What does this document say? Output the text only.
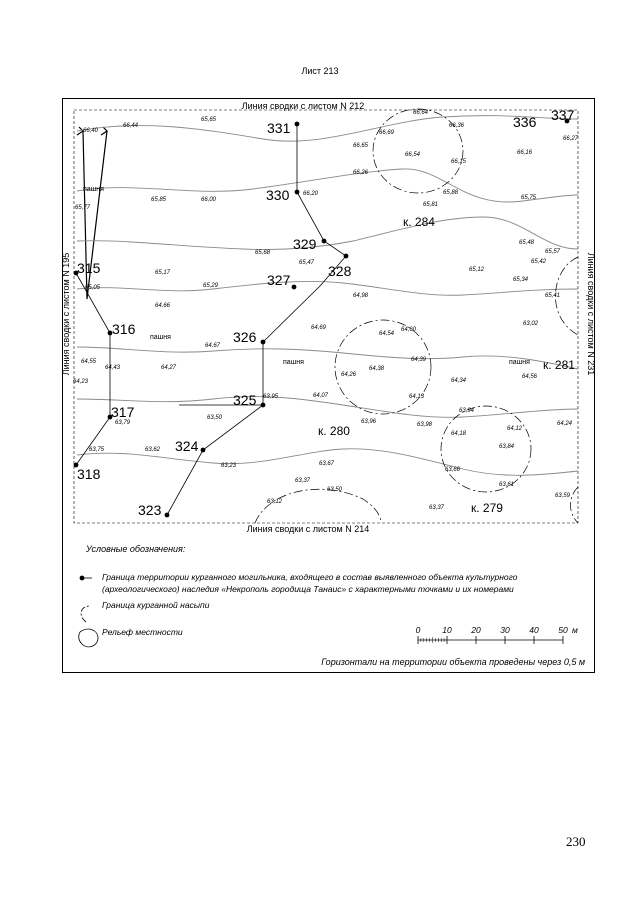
Лист 213
Линия сводки с листом N 212
Линия сводки с листом N 214
Линия сводки с листом N 195	Линия сводки с листом N 231
331
330
329
328
327
326
325
324
323
318
317
316
315
336 337
к. 284
к. 280
к. 279
к. 281
пашня
пашня
пашня	пашня
66,40
65,65
66,44
65,77
65,85	66,00
66,20
66,26
66,69
66,65
66,64
66,36
66,54
66,15
65,81
65,88
66,16
66,27
65,75
65,68
65,47
65,48
65,17
65,29
65,05
64,98
65,12
65,42
65,57
65,34
65,41
64,66
64,69
64,54
64,60
63,02
64,67
64,39
64,55
64,43	64,27
64,26
64,38
64,34
64,56
64,23
63,95	64,07	64,13
63,96
63,79
63,50
63,98
63,94
64,18
64,12
64,24
63,75	63,62
63,23	63,67
63,84
63,66
63,37
63,50
63,61
63,12
63,37
63,59
Условные обозначения:
Граница территории курганного могильника, входящего в состав выявленного объекта культурного (археологического) наследия «Некрополь городища Танаис» с характерными точками и их номерами
Граница курганной насыпи
Рельеф местности	0	10 20 30 40 50 м
Горизонтали на территории объекта проведены через 0,5 м
230
